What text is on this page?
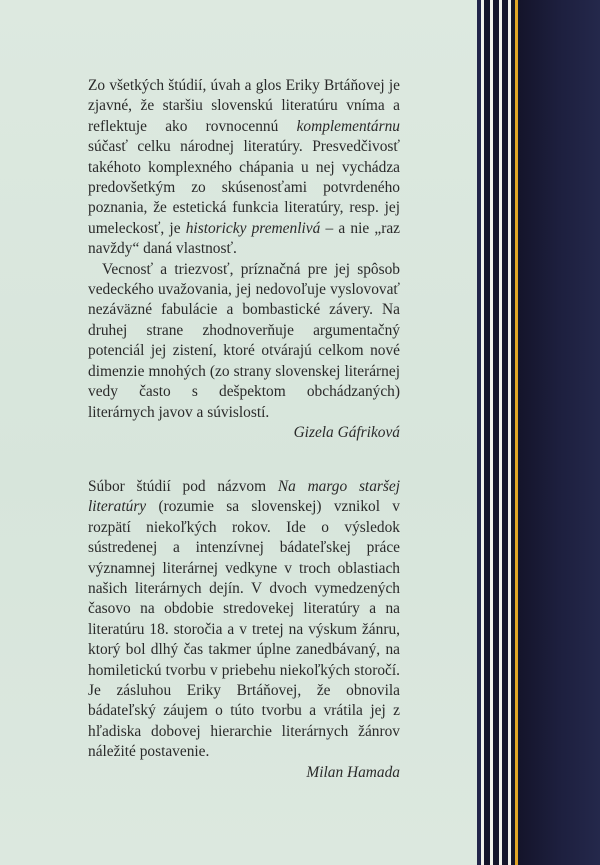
Zo všetkých štúdií, úvah a glos Eriky Brtáňovej je zjavné, že staršiu slovenskú literatúru vníma a reflektuje ako rovnocennú komplementárnu súčasť celku národnej literatúry. Presvedčivosť takéhoto komplexného chápania u nej vychádza predovšetkým zo skúsenosťami potvrdeného poznania, že estetická funkcia literatúry, resp. jej umeleckosť, je historicky premenlivá – a nie „raz navždy“ daná vlastnosť.

Vecnosť a triezvosť, príznačná pre jej spôsob vedeckého uvažovania, jej nedovoľuje vyslovovať nezáväzné fabulácie a bombastické závery. Na druhej strane zhodnoverňuje argumentačný potenciál jej zistení, ktoré otvárajú celkom nové dimenzie mnohých (zo strany slovenskej literárnej vedy často s dešpektom obchádzaných) literárnych javov a súvislostí.

Gizela Gáfriková

Súbor štúdií pod názvom Na margo staršej literatúry (rozumie sa slovenskej) vznikol v rozpätí niekoľkých rokov. Ide o výsledok sústredenej a intenzívnej bádateľskej práce významnej literárnej vedkyne v troch oblastiach našich literárnych dejín. V dvoch vymedzených časovo na obdobie stredovekej literatúry a na literatúru 18. storočia a v tretej na výskum žánru, ktorý bol dlhý čas takmer úplne zanedbávaný, na homiletickú tvorbu v priebehu niekoľkých storočí. Je zásluhou Eriky Brtáňovej, že obnovila bádateľský záujem o túto tvorbu a vrátila jej z hľadiska dobovej hierarchie literárnych žánrov náležité postavenie.

Milan Hamada
